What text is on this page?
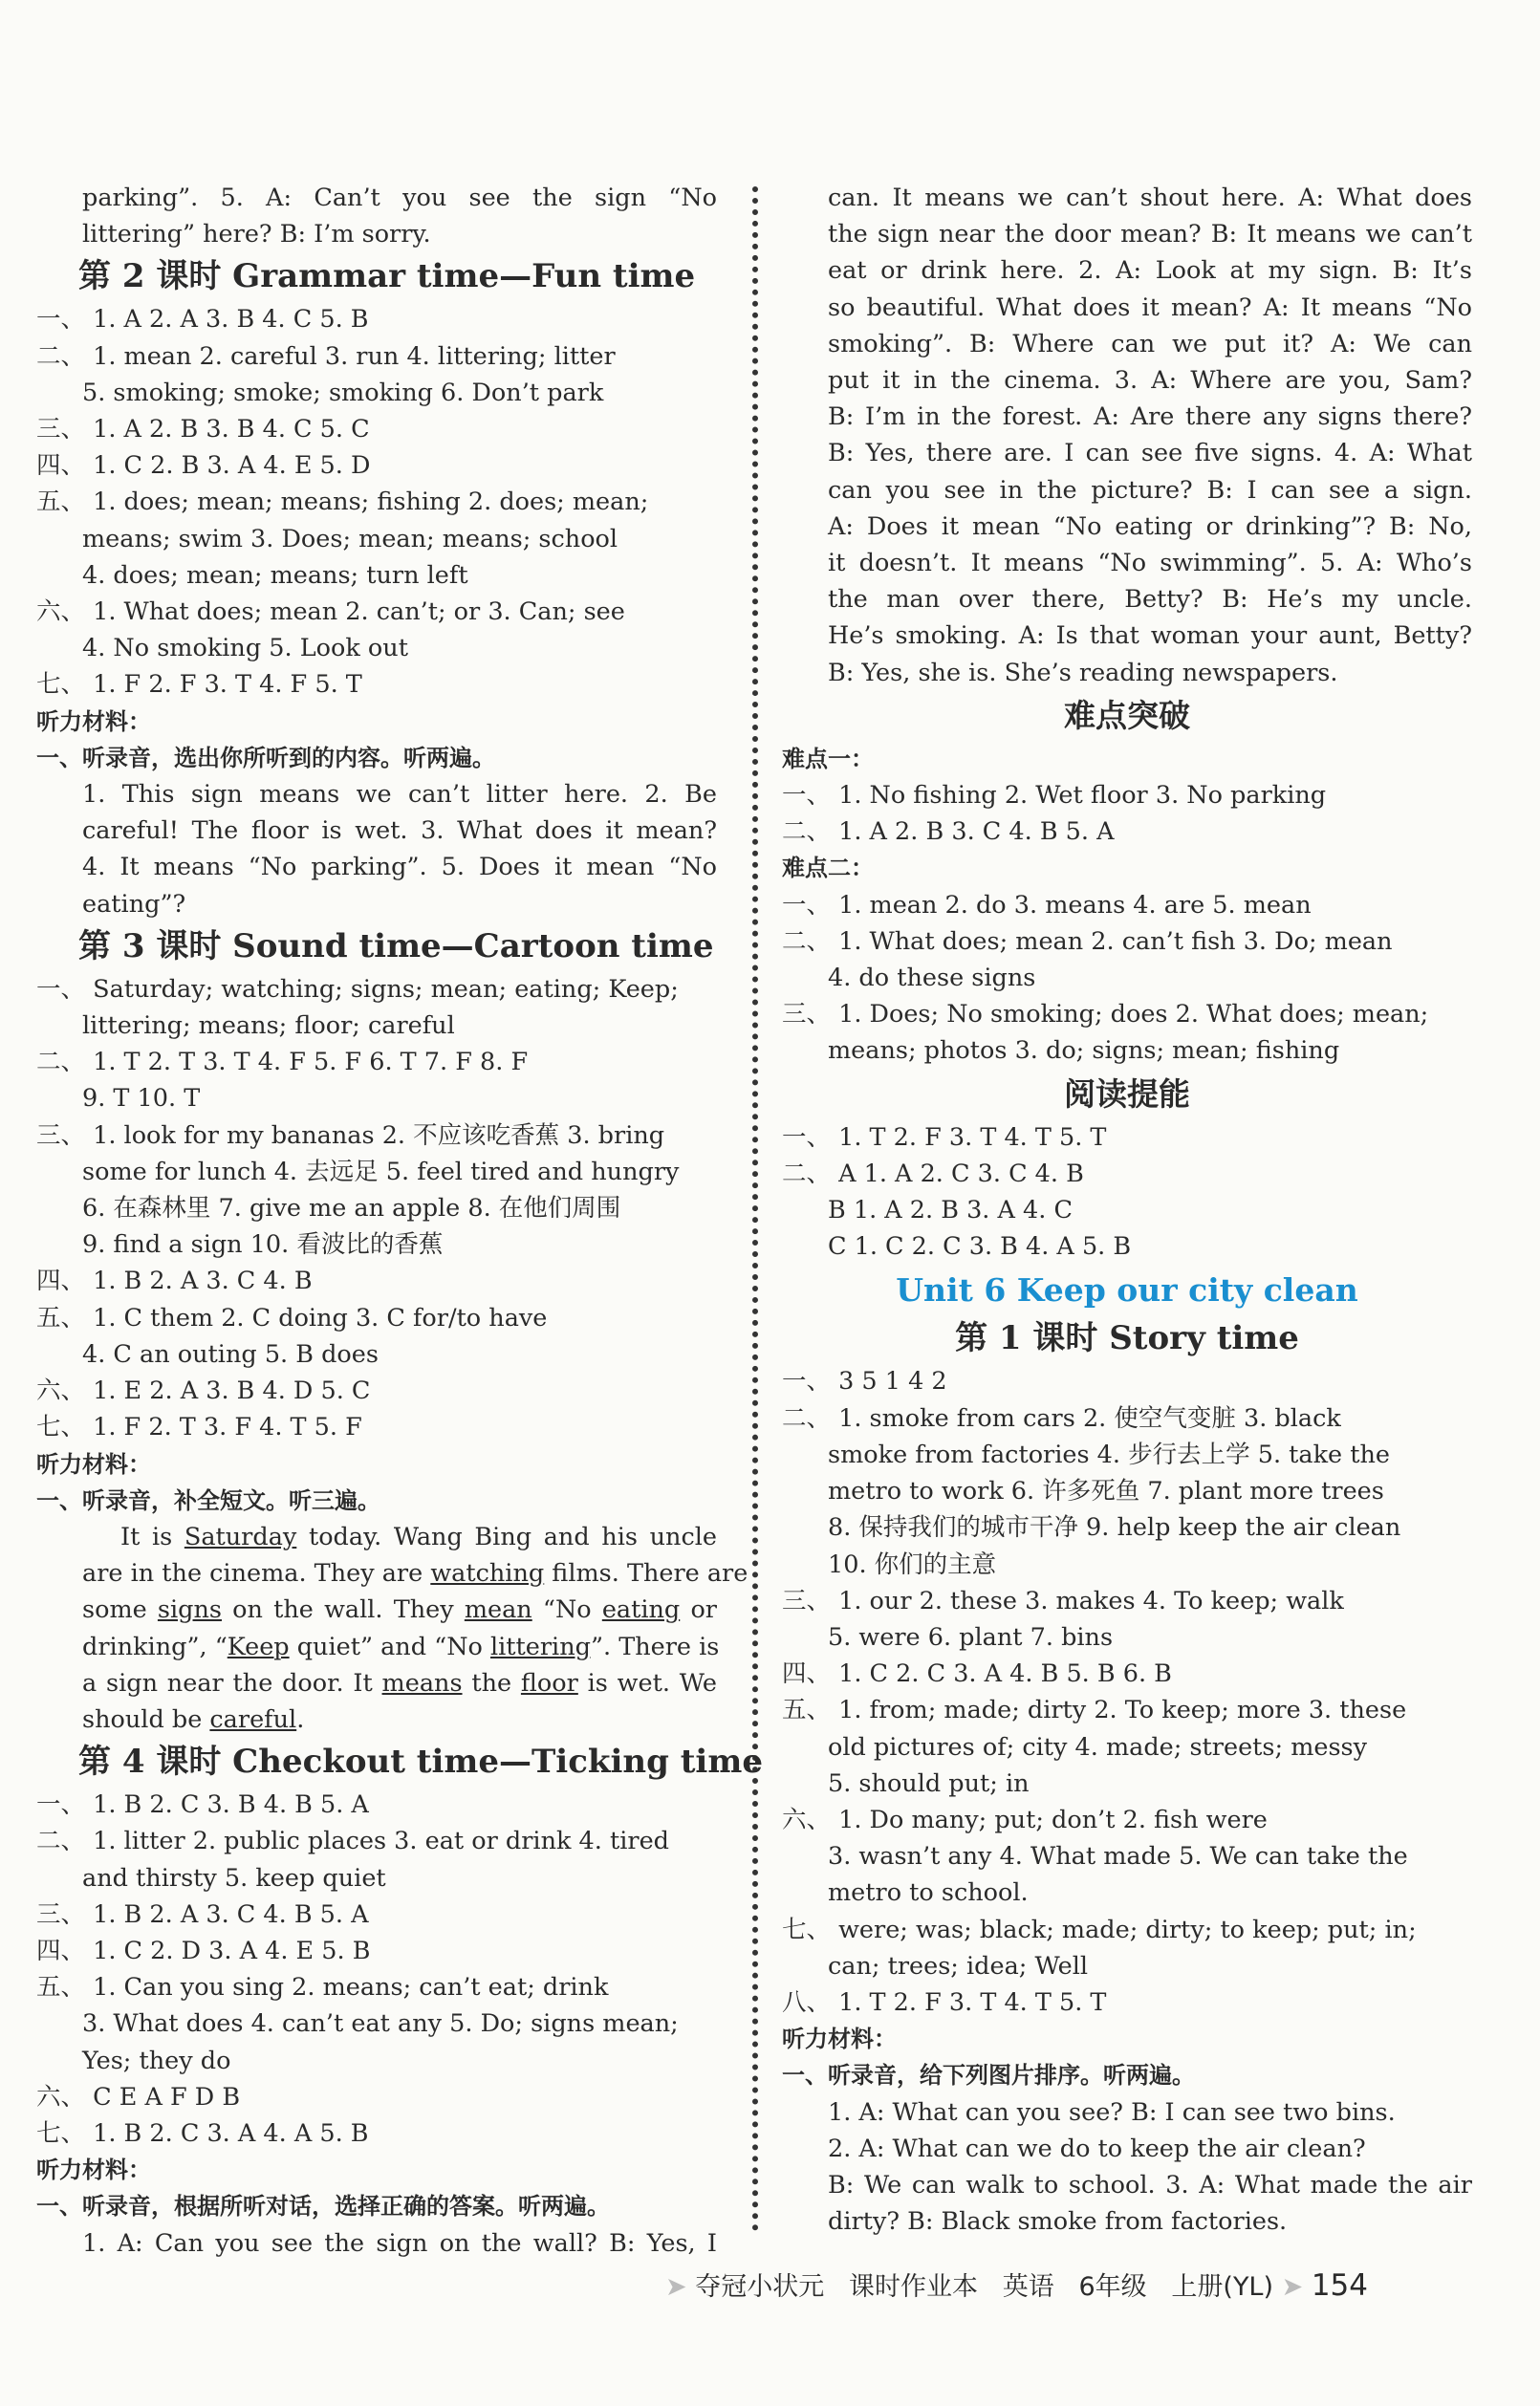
parking”. 5. A: Can’t you see the sign “No
littering” here? B: I’m sorry.
第 2 课时 Grammar time—Fun time
一、 1. A 2. A 3. B 4. C 5. B
二、 1. mean 2. careful 3. run 4. littering; litter
5. smoking; smoke; smoking 6. Don’t park
三、 1. A 2. B 3. B 4. C 5. C
四、 1. C 2. B 3. A 4. E 5. D
五、 1. does; mean; means; fishing 2. does; mean;
means; swim 3. Does; mean; means; school
4. does; mean; means; turn left
六、 1. What does; mean 2. can’t; or 3. Can; see
4. No smoking 5. Look out
七、 1. F 2. F 3. T 4. F 5. T
听力材料：
一、听录音，选出你所听到的内容。听两遍。
1. This sign means we can’t litter here. 2. Be
careful! The floor is wet. 3. What does it mean?
4. It means “No parking”. 5. Does it mean “No
eating”?
第 3 课时 Sound time—Cartoon time
一、 Saturday; watching; signs; mean; eating; Keep;
littering; means; floor; careful
二、 1. T 2. T 3. T 4. F 5. F 6. T 7. F 8. F
9. T 10. T
三、 1. look for my bananas 2. 不应该吃香蕉 3. bring
some for lunch 4. 去远足 5. feel tired and hungry
6. 在森林里 7. give me an apple 8. 在他们周围
9. find a sign 10. 看波比的香蕉
四、 1. B 2. A 3. C 4. B
五、 1. C them 2. C doing 3. C for/to have
4. C an outing 5. B does
六、 1. E 2. A 3. B 4. D 5. C
七、 1. F 2. T 3. F 4. T 5. F
听力材料：
一、听录音，补全短文。听三遍。
It is Saturday today. Wang Bing and his uncle
are in the cinema. They are watching films. There are
some signs on the wall. They mean “No eating or
drinking”, “Keep quiet” and “No littering”. There is
a sign near the door. It means the floor is wet. We
should be careful.
第 4 课时 Checkout time—Ticking time
一、 1. B 2. C 3. B 4. B 5. A
二、 1. litter 2. public places 3. eat or drink 4. tired
and thirsty 5. keep quiet
三、 1. B 2. A 3. C 4. B 5. A
四、 1. C 2. D 3. A 4. E 5. B
五、 1. Can you sing 2. means; can’t eat; drink
3. What does 4. can’t eat any 5. Do; signs mean;
Yes; they do
六、 C E A F D B
七、 1. B 2. C 3. A 4. A 5. B
听力材料：
一、听录音，根据所听对话，选择正确的答案。听两遍。
1. A: Can you see the sign on the wall? B: Yes, I
can. It means we can’t shout here. A: What does
the sign near the door mean? B: It means we can’t
eat or drink here. 2. A: Look at my sign. B: It’s
so beautiful. What does it mean? A: It means “No
smoking”. B: Where can we put it? A: We can
put it in the cinema. 3. A: Where are you, Sam?
B: I’m in the forest. A: Are there any signs there?
B: Yes, there are. I can see five signs. 4. A: What
can you see in the picture? B: I can see a sign.
A: Does it mean “No eating or drinking”? B: No,
it doesn’t. It means “No swimming”. 5. A: Who’s
the man over there, Betty? B: He’s my uncle.
He’s smoking. A: Is that woman your aunt, Betty?
B: Yes, she is. She’s reading newspapers.
难点突破
难点一：
一、 1. No fishing 2. Wet floor 3. No parking
二、 1. A 2. B 3. C 4. B 5. A
难点二：
一、 1. mean 2. do 3. means 4. are 5. mean
二、 1. What does; mean 2. can’t fish 3. Do; mean
4. do these signs
三、 1. Does; No smoking; does 2. What does; mean;
means; photos 3. do; signs; mean; fishing
阅读提能
一、 1. T 2. F 3. T 4. T 5. T
二、 A 1. A 2. C 3. C 4. B
B 1. A 2. B 3. A 4. C
C 1. C 2. C 3. B 4. A 5. B
Unit 6 Keep our city clean
第 1 课时 Story time
一、 3 5 1 4 2
二、 1. smoke from cars 2. 使空气变脏 3. black
smoke from factories 4. 步行去上学 5. take the
metro to work 6. 许多死鱼 7. plant more trees
8. 保持我们的城市干净 9. help keep the air clean
10. 你们的主意
三、 1. our 2. these 3. makes 4. To keep; walk
5. were 6. plant 7. bins
四、 1. C 2. C 3. A 4. B 5. B 6. B
五、 1. from; made; dirty 2. To keep; more 3. these
old pictures of; city 4. made; streets; messy
5. should put; in
六、 1. Do many; put; don’t 2. fish were
3. wasn’t any 4. What made 5. We can take the
metro to school.
七、 were; was; black; made; dirty; to keep; put; in;
can; trees; idea; Well
八、 1. T 2. F 3. T 4. T 5. T
听力材料：
一、听录音，给下列图片排序。听两遍。
1. A: What can you see? B: I can see two bins.
2. A: What can we do to keep the air clean?
B: We can walk to school. 3. A: What made the air
dirty? B: Black smoke from factories.
➤ 夺冠小状元 课时作业本 英语 6年级 上册(YL) ➤ 154
